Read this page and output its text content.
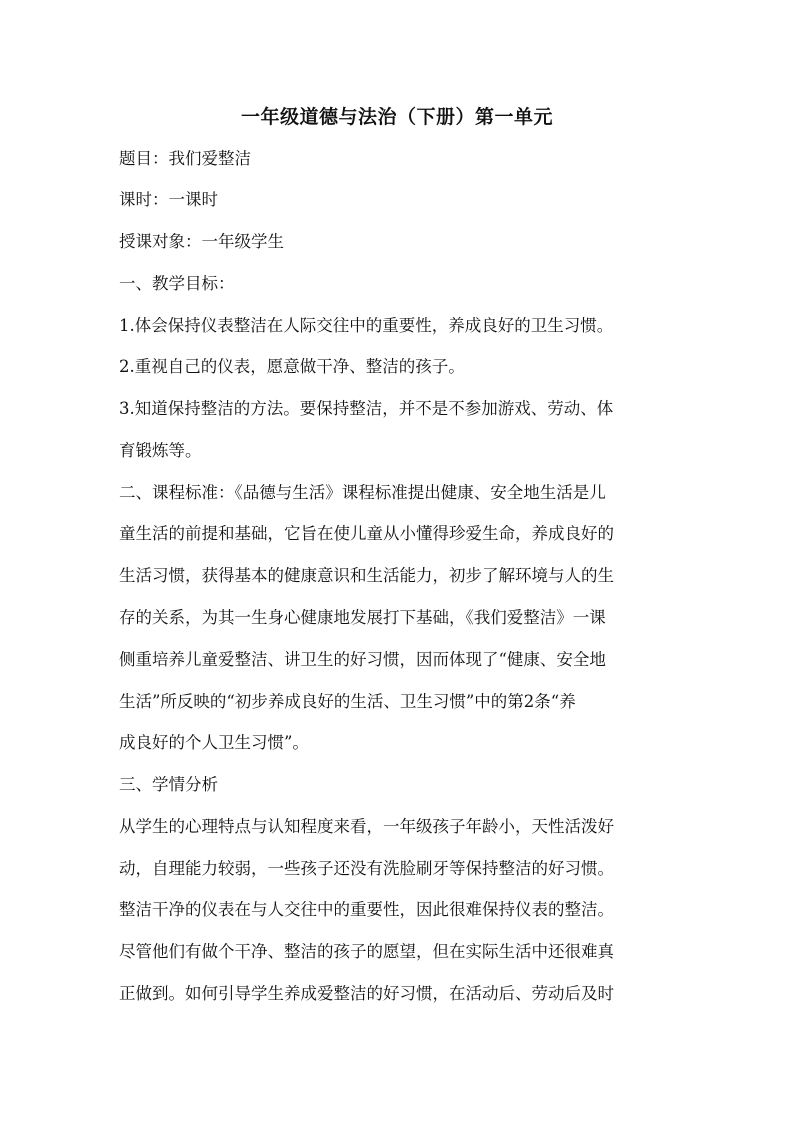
一年级道德与法治（下册）第一单元
题目：我们爱整洁
课时：一课时
授课对象：一年级学生
一、教学目标：
1.体会保持仪表整洁在人际交往中的重要性，养成良好的卫生习惯。
2.重视自己的仪表，愿意做干净、整洁的孩子。
3.知道保持整洁的方法。要保持整洁，并不是不参加游戏、劳动、体
育锻炼等。
二、课程标准：《品德与生活》课程标准提出健康、安全地生活是儿
童生活的前提和基础，它旨在使儿童从小懂得珍爱生命，养成良好的
生活习惯，获得基本的健康意识和生活能力，初步了解环境与人的生
存的关系，为其一生身心健康地发展打下基础，《我们爱整洁》一课
侧重培养儿童爱整洁、讲卫生的好习惯，因而体现了“健康、安全地
生活”所反映的“初步养成良好的生活、卫生习惯”中的第2条“养
成良好的个人卫生习惯”。
三、学情分析
从学生的心理特点与认知程度来看，一年级孩子年龄小，天性活泼好
动，自理能力较弱，一些孩子还没有洗脸刷牙等保持整洁的好习惯。
整洁干净的仪表在与人交往中的重要性，因此很难保持仪表的整洁。
尽管他们有做个干净、整洁的孩子的愿望，但在实际生活中还很难真
正做到。如何引导学生养成爱整洁的好习惯，在活动后、劳动后及时
